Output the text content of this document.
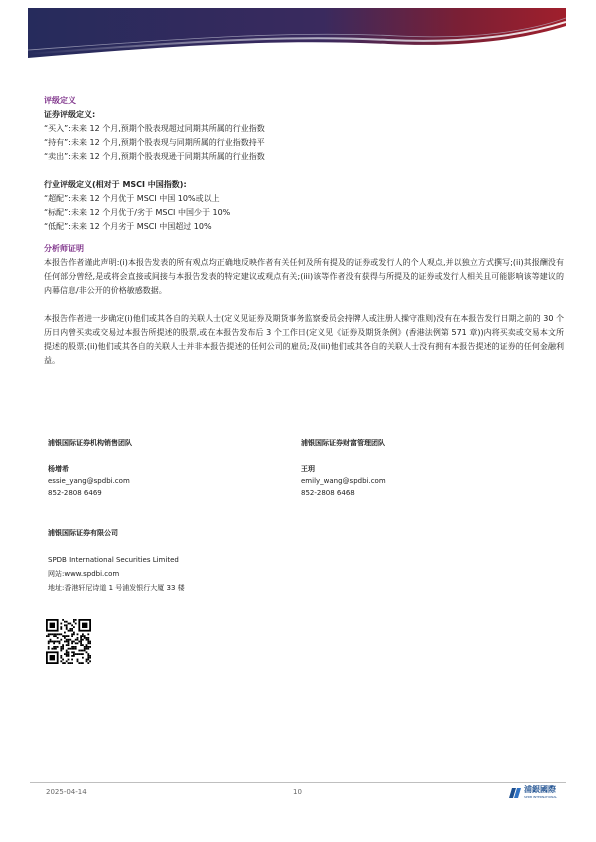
评级定义
证券评级定义:
“买入”:未来 12 个月,预期个股表现超过同期其所属的行业指数
“持有”:未来 12 个月,预期个股表现与同期所属的行业指数持平
“卖出”:未来 12 个月,预期个股表现逊于同期其所属的行业指数
行业评级定义(相对于 MSCI 中国指数):
“超配”:未来 12 个月优于 MSCI 中国 10%或以上
“标配”:未来 12 个月优于/劣于 MSCI 中国少于 10%
“低配”:未来 12 个月劣于 MSCI 中国超过 10%
分析师证明

本报告作者谨此声明:(i)本报告发表的所有观点均正确地反映作者有关任何及所有提及的证券或发行人的个人观点,并以独立方式撰写;(ii)其报酬没有任何部分曾经,是或将会直接或间接与本报告发表的特定建议或观点有关;(iii)该等作者没有获得与所提及的证券或发行人相关且可能影响该等建议的内幕信息/非公开的价格敏感数据。

本报告作者进一步确定(i)他们或其各自的关联人士(定义见证券及期货事务监察委员会持牌人或注册人操守准则)没有在本报告发行日期之前的 30 个历日内曾买卖或交易过本报告所提述的股票,或在本报告发布后 3 个工作日(定义见《证券及期货条例》(香港法例第 571 章))内将买卖或交易本文所提述的股票;(ii)他们或其各自的关联人士并非本报告提述的任何公司的雇员;及(iii)他们或其各自的关联人士没有拥有本报告提述的证券的任何金融利益。

浦银国际证券机构销售团队
杨增希
essie_yang@spdbi.com
852-2808 6469
浦银国际证券财富管理团队
王玥
emily_wang@spdbi.com
852-2808 6468
浦银国际证券有限公司
SPDB International Securities Limited
网站:www.spdbi.com
地址:香港轩尼诗道 1 号浦发银行大厦 33 楼
2025-04-14	10	浦銀國際
SPDB INTERNATIONAL
